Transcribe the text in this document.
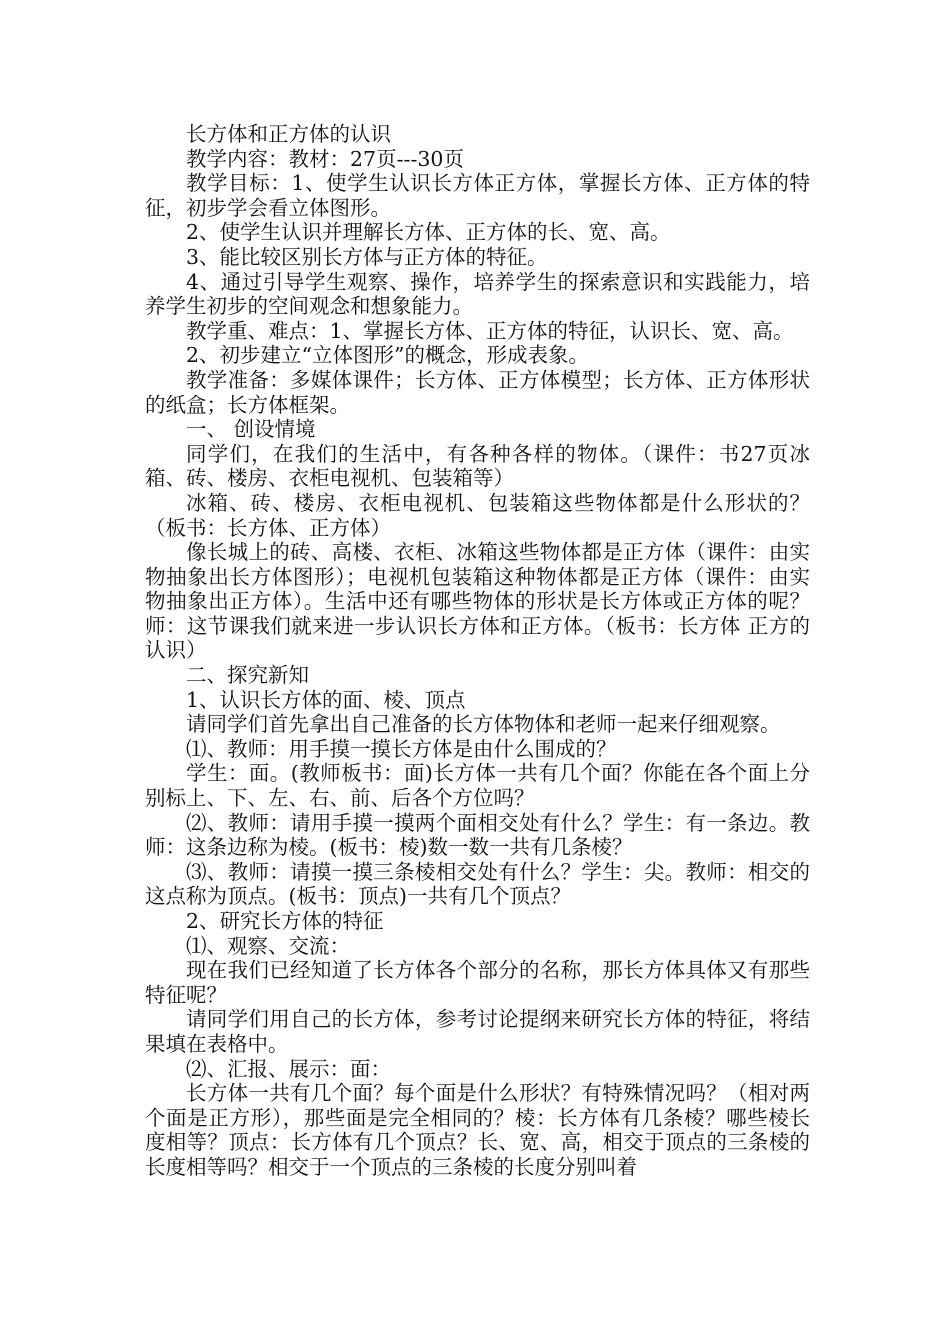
长方体和正方体的认识

教学内容：教材：27页---30页

教学目标：1、使学生认识长方体正方体，掌握长方体、正方体的特征，初步学会看立体图形。

2、使学生认识并理解长方体、正方体的长、宽、高。

3、能比较区别长方体与正方体的特征。

4、通过引导学生观察、操作，培养学生的探索意识和实践能力，培养学生初步的空间观念和想象能力。

教学重、难点：1、掌握长方体、正方体的特征，认识长、宽、高。

2、初步建立“立体图形”的概念，形成表象。

教学准备：多媒体课件；长方体、正方体模型；长方体、正方体形状的纸盒；长方体框架。

一、 创设情境

同学们，在我们的生活中，有各种各样的物体。（课件：书27页冰箱、砖、楼房、衣柜电视机、包装箱等）

冰箱、砖、楼房、衣柜电视机、包装箱这些物体都是什么形状的？（板书：长方体、正方体）

像长城上的砖、高楼、衣柜、冰箱这些物体都是正方体（课件：由实物抽象出长方体图形）；电视机包装箱这种物体都是正方体（课件：由实物抽象出正方体）。生活中还有哪些物体的形状是长方体或正方体的呢？师：这节课我们就来进一步认识长方体和正方体。（板书：长方体 正方的认识）

二、探究新知

1、认识长方体的面、棱、顶点

请同学们首先拿出自己准备的长方体物体和老师一起来仔细观察。

⑴、教师：用手摸一摸长方体是由什么围成的？

学生：面。(教师板书：面)长方体一共有几个面？你能在各个面上分别标上、下、左、右、前、后各个方位吗？

⑵、教师：请用手摸一摸两个面相交处有什么？学生：有一条边。教师：这条边称为棱。(板书：棱)数一数一共有几条棱？

⑶、教师：请摸一摸三条棱相交处有什么？学生：尖。教师：相交的这点称为顶点。(板书：顶点)一共有几个顶点？

2、研究长方体的特征

⑴、观察、交流：

现在我们已经知道了长方体各个部分的名称，那长方体具体又有那些特征呢？

请同学们用自己的长方体，参考讨论提纲来研究长方体的特征，将结果填在表格中。

⑵、汇报、展示：面：

长方体一共有几个面？每个面是什么形状？有特殊情况吗？（相对两个面是正方形），那些面是完全相同的？棱：长方体有几条棱？哪些棱长度相等？顶点：长方体有几个顶点？长、宽、高，相交于顶点的三条棱的长度相等吗？相交于一个顶点的三条棱的长度分别叫着
